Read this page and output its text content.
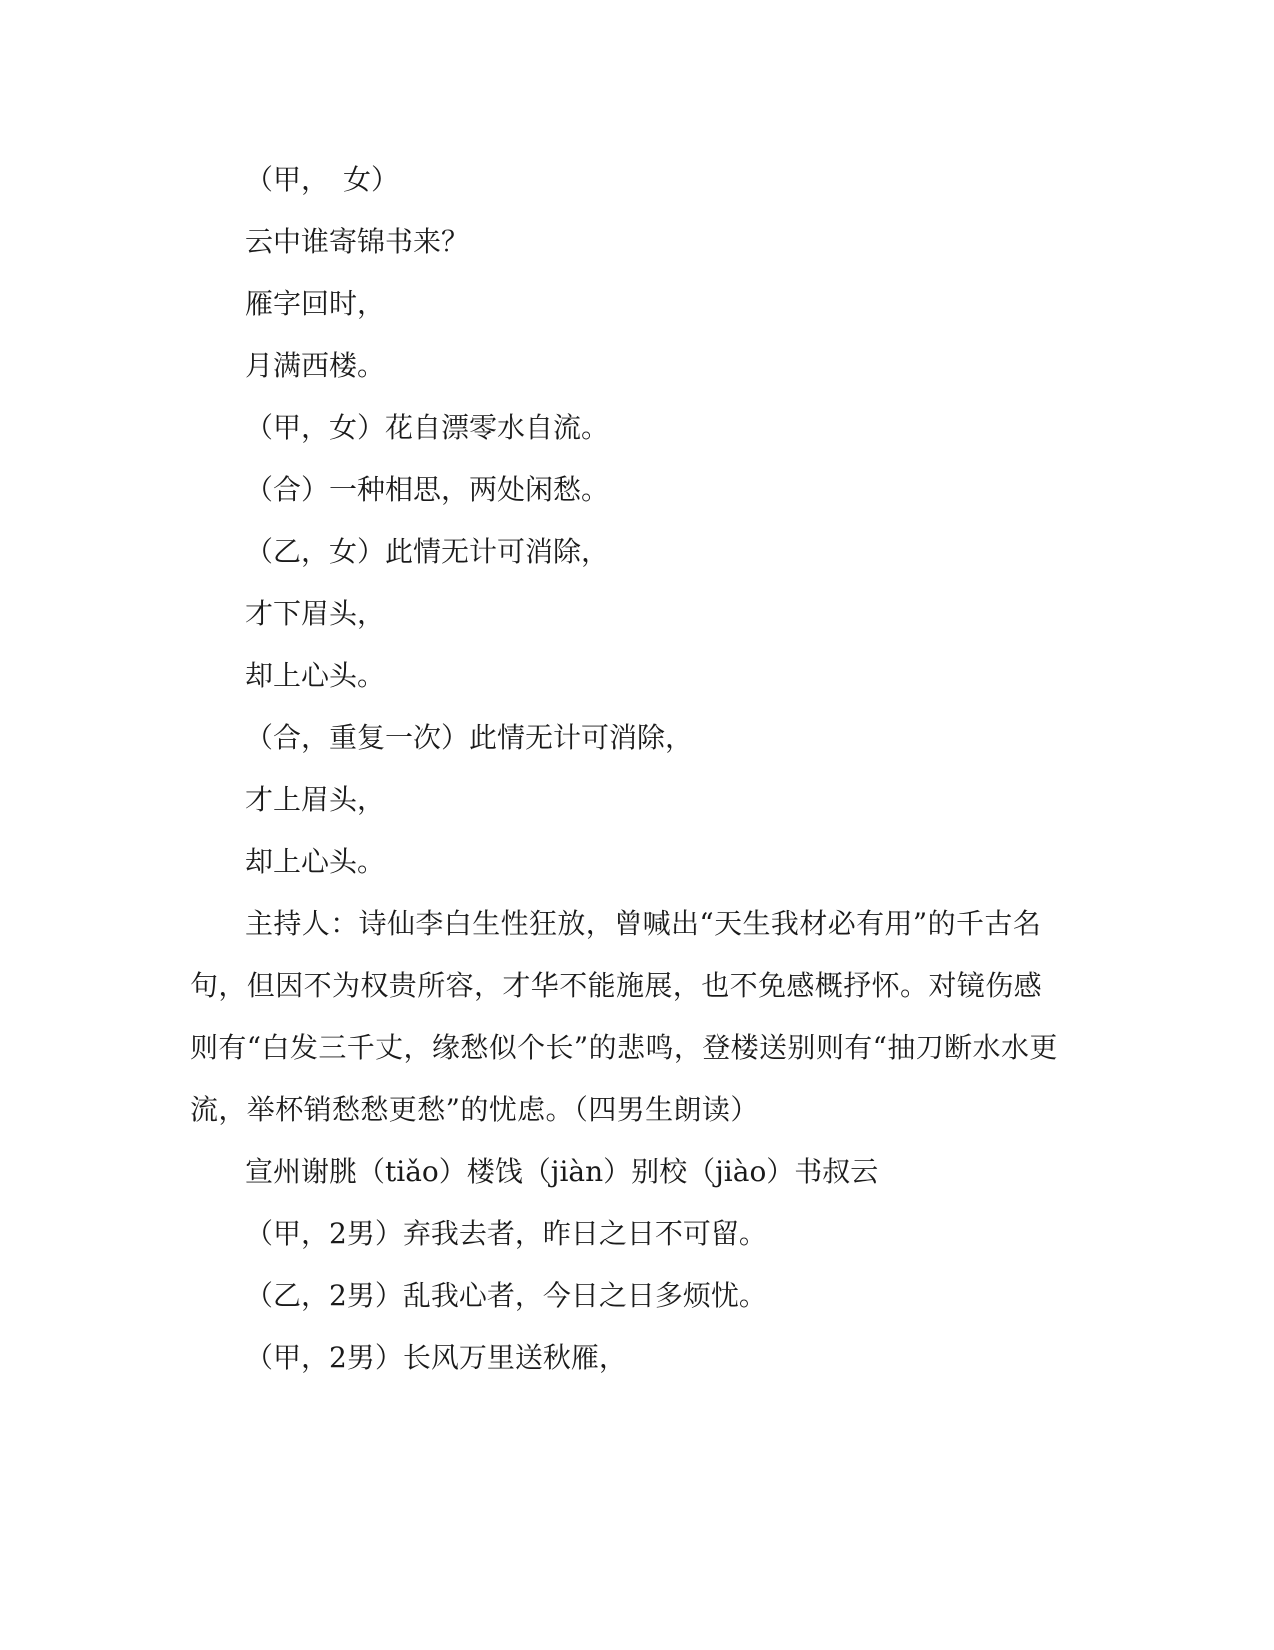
（甲，　女）
云中谁寄锦书来？
雁字回时，
月满西楼。
（甲，女）花自漂零水自流。
（合）一种相思，两处闲愁。
（乙，女）此情无计可消除，
才下眉头，
却上心头。
（合，重复一次）此情无计可消除，
才上眉头，
却上心头。
主持人：诗仙李白生性狂放，曾喊出“天生我材必有用”的千古名句，但因不为权贵所容，才华不能施展，也不免感概抒怀。对镜伤感则有“白发三千丈，缘愁似个长”的悲鸣，登楼送别则有“抽刀断水水更流，举杯销愁愁更愁”的忧虑。（四男生朗读）
宣州谢朓（tiǎo）楼饯（jiàn）别校（jiào）书叔云
（甲，2男）弃我去者，昨日之日不可留。
（乙，2男）乱我心者，今日之日多烦忧。
（甲，2男）长风万里送秋雁，
